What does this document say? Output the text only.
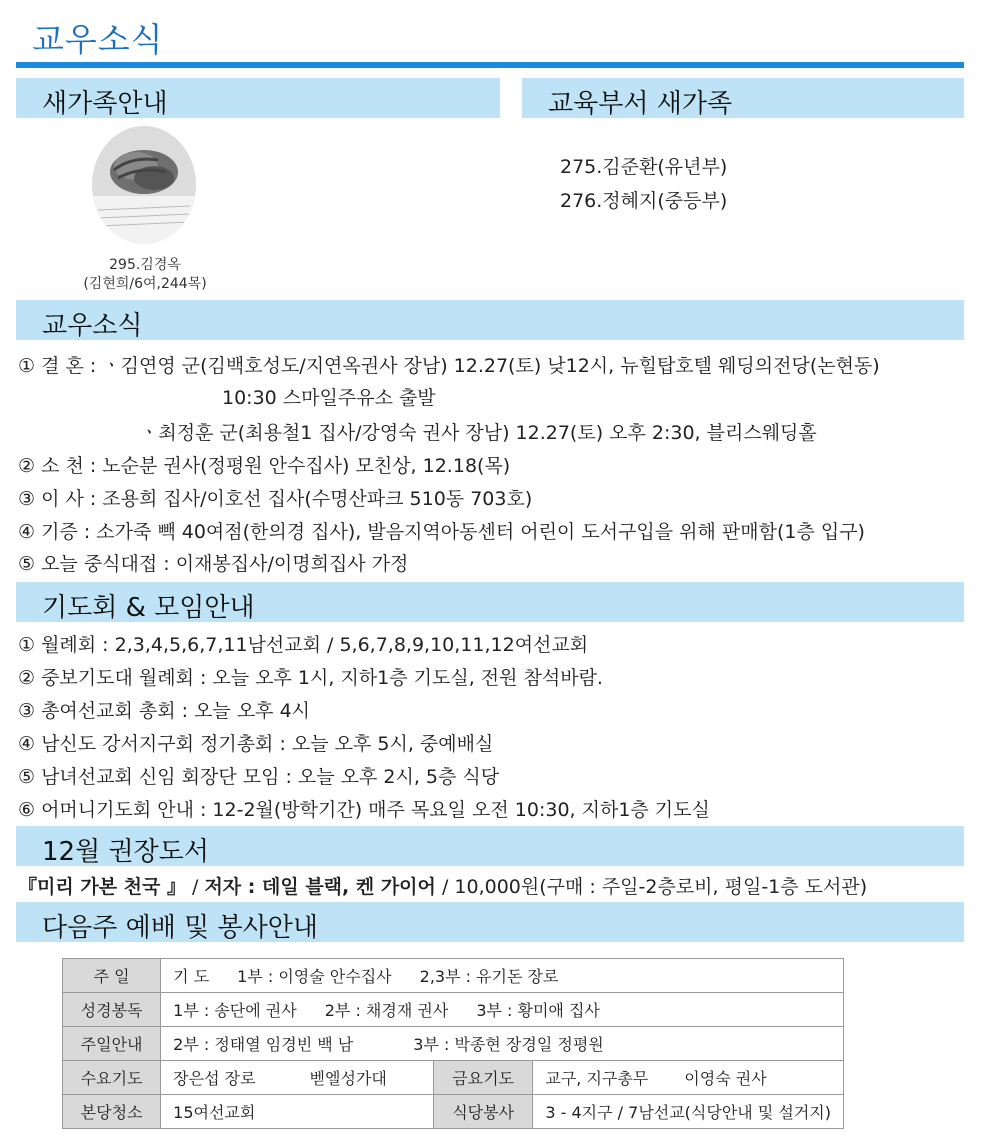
교우소식
새가족안내	교육부서 새가족
295.김경옥
(김현희/6여,244목)
275.김준환(유년부)
276.정혜지(중등부)
교우소식
① 결 혼 : ㆍ김연영 군(김백호성도/지연옥권사 장남) 12.27(토) 낮12시, 뉴힐탑호텔 웨딩의전당(논현동)
10:30 스마일주유소 출발
ㆍ최정훈 군(최용철1 집사/강영숙 권사 장남) 12.27(토) 오후 2:30, 블리스웨딩홀
② 소 천 : 노순분 권사(정평원 안수집사) 모친상, 12.18(목)
③ 이 사 : 조용희 집사/이호선 집사(수명산파크 510동 703호)
④ 기증 : 소가죽 빽 40여점(한의경 집사), 발음지역아동센터 어린이 도서구입을 위해 판매함(1층 입구)
⑤ 오늘 중식대접 : 이재봉집사/이명희집사 가정
기도회 & 모임안내
① 월례회 : 2,3,4,5,6,7,11남선교회 / 5,6,7,8,9,10,11,12여선교회
② 중보기도대 월례회 : 오늘 오후 1시, 지하1층 기도실, 전원 참석바람.
③ 총여선교회 총회 : 오늘 오후 4시
④ 남신도 강서지구회 정기총회 : 오늘 오후 5시, 중예배실
⑤ 남녀선교회 신임 회장단 모임 : 오늘 오후 2시, 5층 식당
⑥ 어머니기도회 안내 : 12-2월(방학기간) 매주 목요일 오전 10:30, 지하1층 기도실
12월 권장도서
『미리 가본 천국 』 / 저자 : 데일 블랙, 켄 가이어 / 10,000원(구매 : 주일-2층로비, 평일-1층 도서관)
다음주 예배 및 봉사안내
주 일	기 도 1부 : 이영술 안수집사 2,3부 : 유기돈 장로		
성경봉독	1부 : 송단에 권사 2부 : 채경재 권사 3부 : 황미애 집사		
주일안내	2부 : 정태열 임경빈 백 남 3부 : 박종현 장경일 정평원		
수요기도	장은섭 장로 벧엘성가대	금요기도	교구, 지구총무 이영숙 권사
본당청소	15여선교회	식당봉사	3 - 4지구 / 7남선교(식당안내 및 설거지)
